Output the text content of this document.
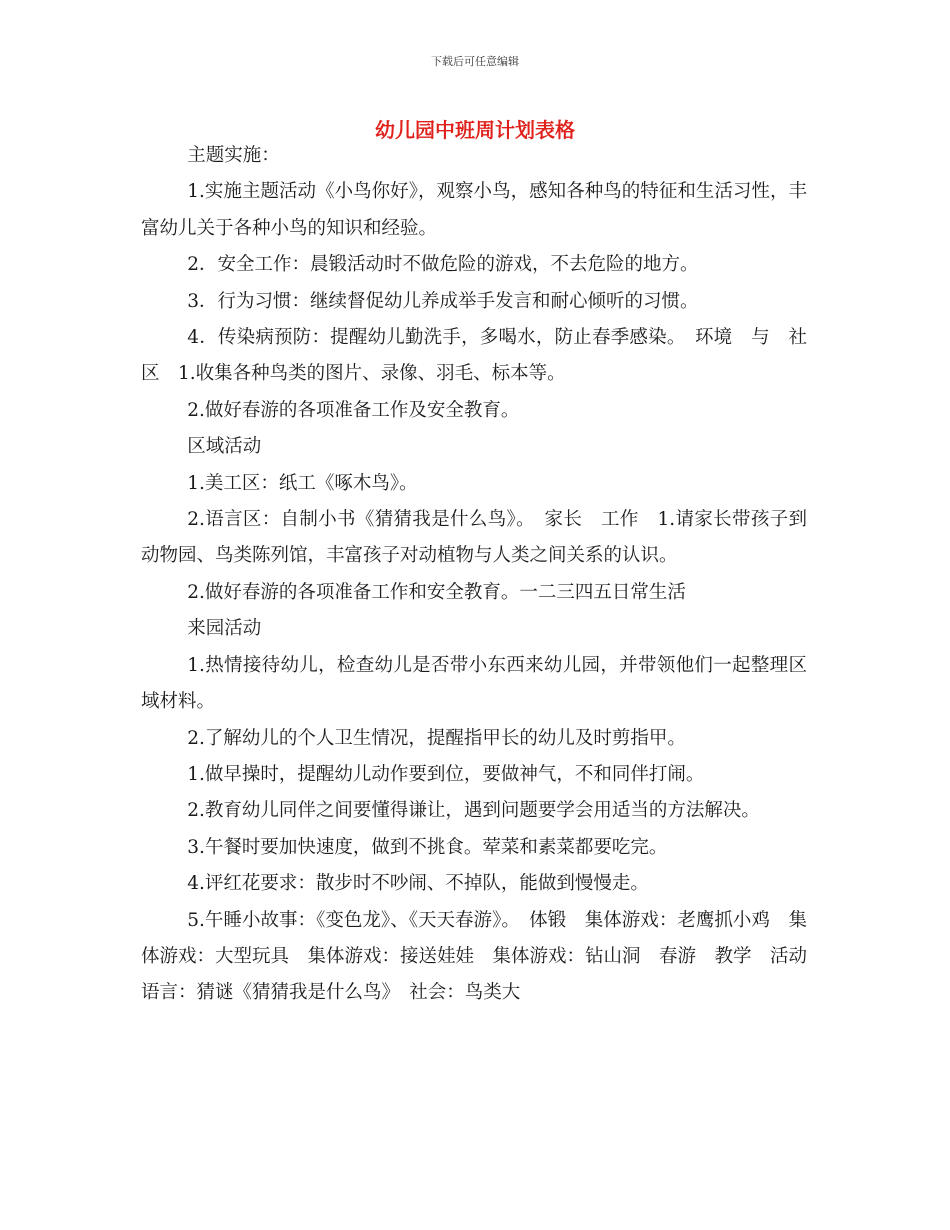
下载后可任意编辑
幼儿园中班周计划表格

主题实施：

1.实施主题活动《小鸟你好》，观察小鸟，感知各种鸟的特征和生活习性，丰富幼儿关于各种小鸟的知识和经验。

2．安全工作：晨锻活动时不做危险的游戏，不去危险的地方。

3．行为习惯：继续督促幼儿养成举手发言和耐心倾听的习惯。

4．传染病预防：提醒幼儿勤洗手，多喝水，防止春季感染。　环境　与　社区　1.收集各种鸟类的图片、录像、羽毛、标本等。

2.做好春游的各项准备工作及安全教育。

区域活动

1.美工区：纸工《啄木鸟》。

2.语言区：自制小书《猜猜我是什么鸟》。　家长　工作　1.请家长带孩子到动物园、鸟类陈列馆，丰富孩子对动植物与人类之间关系的认识。

2.做好春游的各项准备工作和安全教育。一二三四五日常生活

来园活动

1.热情接待幼儿，检查幼儿是否带小东西来幼儿园，并带领他们一起整理区域材料。

2.了解幼儿的个人卫生情况，提醒指甲长的幼儿及时剪指甲。

1.做早操时，提醒幼儿动作要到位，要做神气，不和同伴打闹。

2.教育幼儿同伴之间要懂得谦让，遇到问题要学会用适当的方法解决。

3.午餐时要加快速度，做到不挑食。荤菜和素菜都要吃完。

4.评红花要求：散步时不吵闹、不掉队，能做到慢慢走。

5.午睡小故事：《变色龙》、《天天春游》。　体锻　集体游戏：老鹰抓小鸡　集体游戏：大型玩具　集体游戏：接送娃娃　集体游戏：钻山洞　春游　教学　活动　语言：猜谜《猜猜我是什么鸟》　社会：鸟类大
